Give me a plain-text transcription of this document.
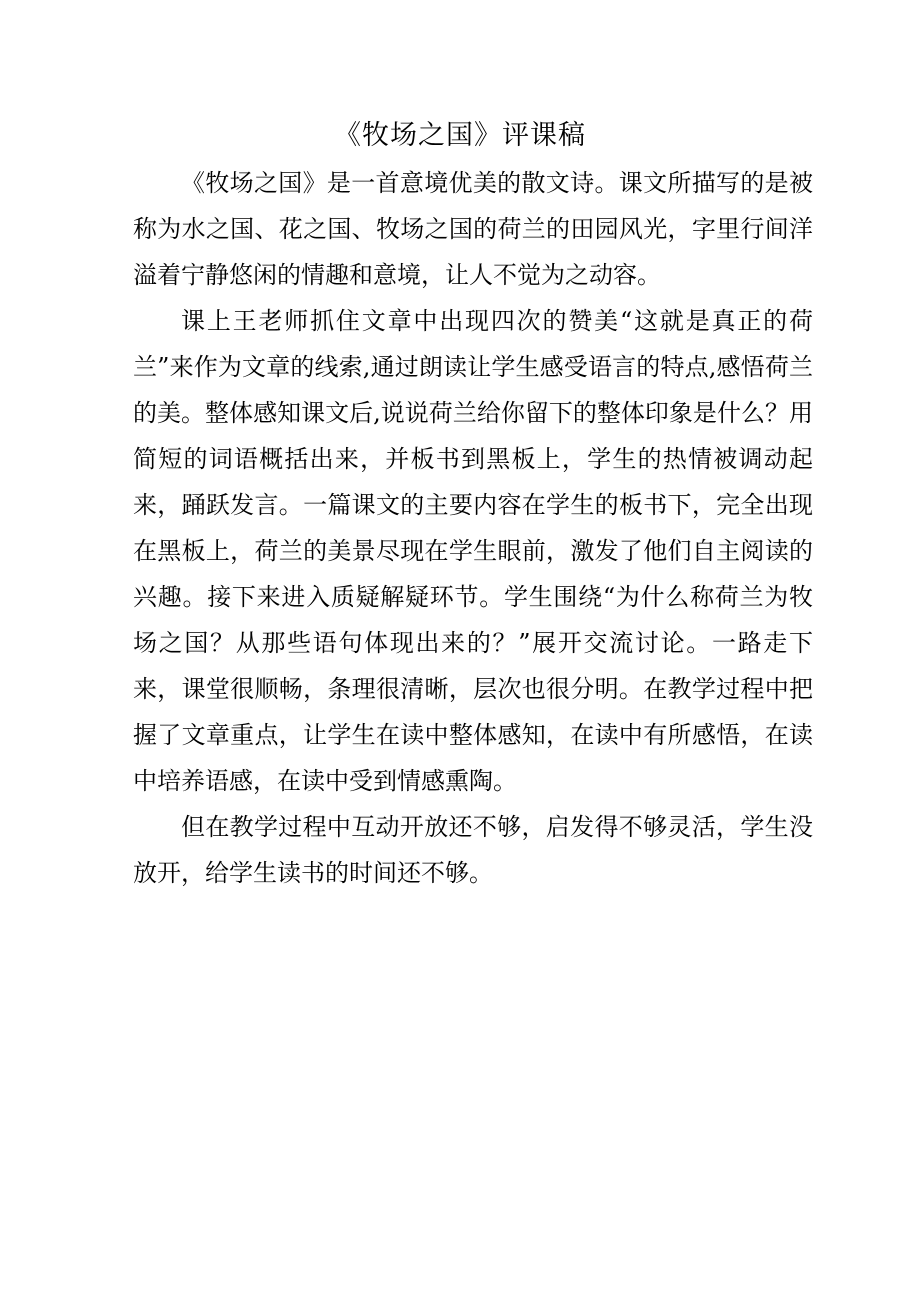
《牧场之国》评课稿

《牧场之国》是一首意境优美的散文诗。课文所描写的是被称为水之国、花之国、牧场之国的荷兰的田园风光，字里行间洋溢着宁静悠闲的情趣和意境，让人不觉为之动容。

课上王老师抓住文章中出现四次的赞美“这就是真正的荷兰”来作为文章的线索,通过朗读让学生感受语言的特点,感悟荷兰的美。整体感知课文后,说说荷兰给你留下的整体印象是什么？用简短的词语概括出来，并板书到黑板上，学生的热情被调动起来，踊跃发言。一篇课文的主要内容在学生的板书下，完全出现在黑板上，荷兰的美景尽现在学生眼前，激发了他们自主阅读的兴趣。接下来进入质疑解疑环节。学生围绕“为什么称荷兰为牧场之国？从那些语句体现出来的？”展开交流讨论。一路走下来，课堂很顺畅，条理很清晰，层次也很分明。在教学过程中把握了文章重点，让学生在读中整体感知，在读中有所感悟，在读中培养语感，在读中受到情感熏陶。

但在教学过程中互动开放还不够，启发得不够灵活，学生没放开，给学生读书的时间还不够。
